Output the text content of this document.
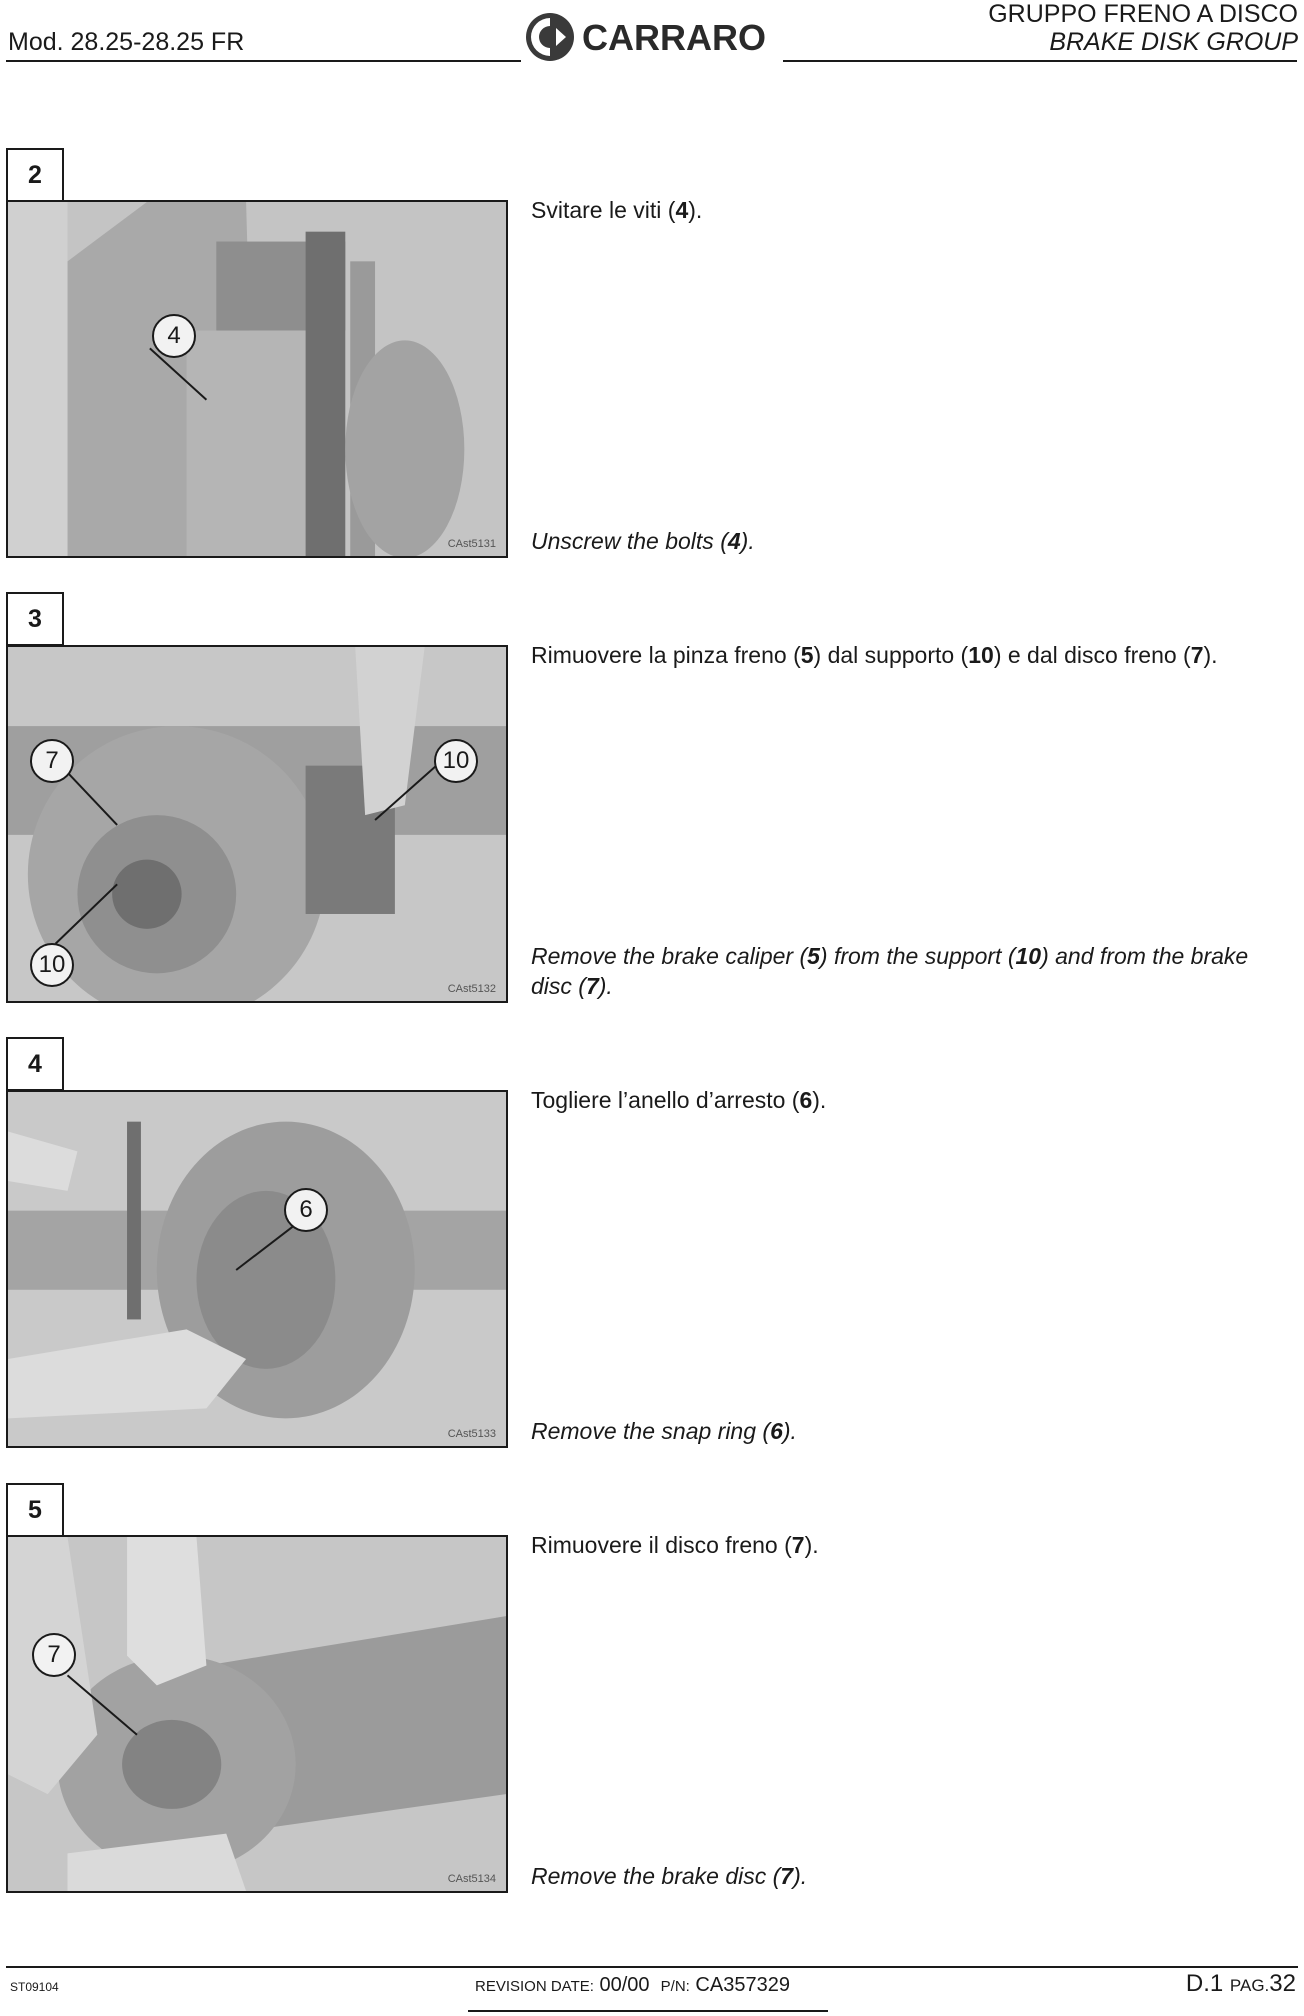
Mod. 28.25-28.25 FR	CARRARO
GRUPPO FRENO A DISCO
BRAKE DISK GROUP
2
4
CAst5131
Svitare le viti (4).
Unscrew the bolts (4).
3
7	10
10
CAst5132
Rimuovere la pinza freno (5) dal supporto (10) e dal disco freno (7).
Remove the brake caliper (5) from the support (10) and from the brake
disc (7).
4
6
CAst5133
Togliere l’anello d’arresto (6).
Remove the snap ring (6).
5
7
CAst5134
Rimuovere il disco freno (7).
Remove the brake disc (7).
ST09104	REVISION DATE: 00/00 P/N: CA357329	D.1 PAG.32
